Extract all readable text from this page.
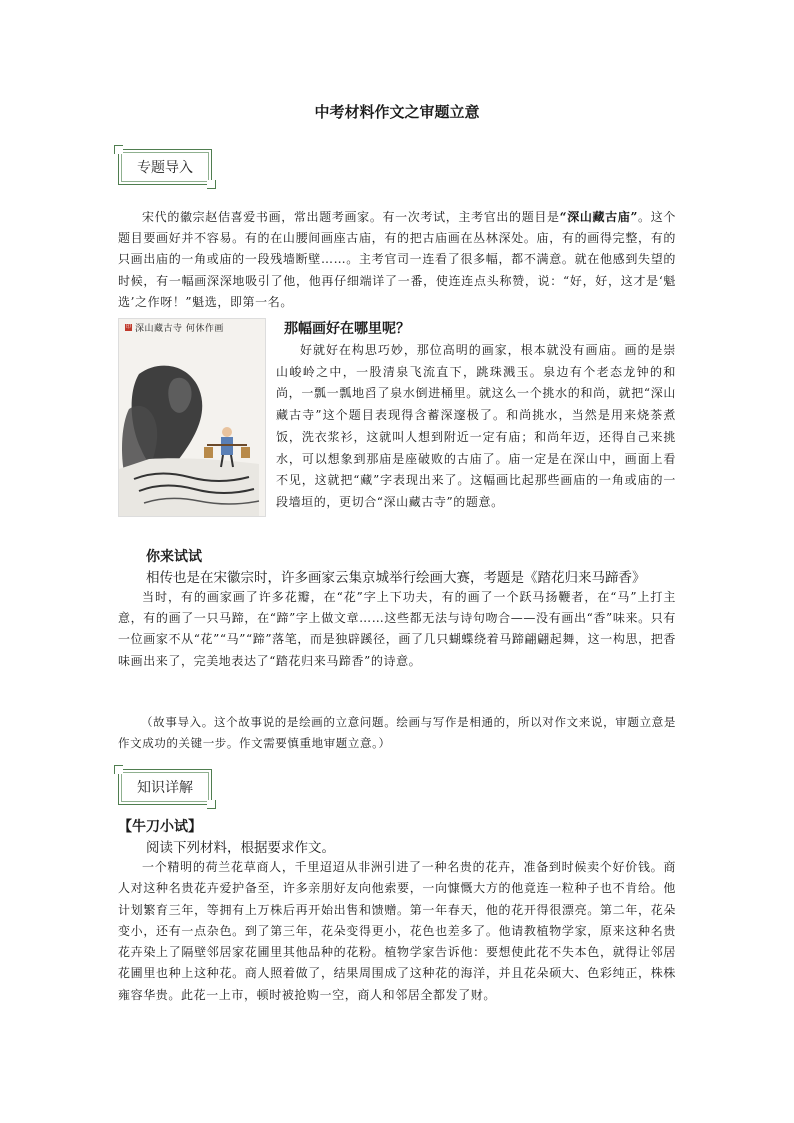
中考材料作文之审题立意
专题导入

宋代的徽宗赵佶喜爱书画，常出题考画家。有一次考试，主考官出的题目是“深山藏古庙”。这个题目要画好并不容易。有的在山腰间画座古庙，有的把古庙画在丛林深处。庙，有的画得完整，有的只画出庙的一角或庙的一段残墙断壁……。主考官司一连看了很多幅，都不满意。就在他感到失望的时候，有一幅画深深地吸引了他，他再仔细端详了一番，使连连点头称赞，说：“好，好，这才是‘魁选’之作呀！”魁选，即第一名。

深山藏古寺 何休作画
印	那幅画好在哪里呢？

好就好在构思巧妙，那位高明的画家，根本就没有画庙。画的是崇山峻岭之中，一股清泉飞流直下，跳珠溅玉。泉边有个老态龙钟的和尚，一瓢一瓢地舀了泉水倒进桶里。就这么一个挑水的和尚，就把“深山藏古寺”这个题目表现得含蓄深邃极了。和尚挑水，当然是用来烧茶煮饭，洗衣浆衫，这就叫人想到附近一定有庙；和尚年迈，还得自己来挑水，可以想象到那庙是座破败的古庙了。庙一定是在深山中，画面上看不见，这就把“藏”字表现出来了。这幅画比起那些画庙的一角或庙的一段墙垣的，更切合“深山藏古寺”的题意。

你来试试

相传也是在宋徽宗时，许多画家云集京城举行绘画大赛，考题是《踏花归来马蹄香》

当时，有的画家画了许多花瓣，在“花”字上下功夫，有的画了一个跃马扬鞭者，在“马”上打主意，有的画了一只马蹄，在“蹄”字上做文章……这些都无法与诗句吻合——没有画出“香”味来。只有一位画家不从“花”“马”“蹄”落笔，而是独辟蹊径，画了几只蝴蝶绕着马蹄翩翩起舞，这一构思，把香味画出来了，完美地表达了“踏花归来马蹄香”的诗意。

（故事导入。这个故事说的是绘画的立意问题。绘画与写作是相通的，所以对作文来说，审题立意是作文成功的关键一步。作文需要慎重地审题立意。）

知识详解

【牛刀小试】

阅读下列材料，根据要求作文。

一个精明的荷兰花草商人，千里迢迢从非洲引进了一种名贵的花卉，准备到时候卖个好价钱。商人对这种名贵花卉爱护备至，许多亲朋好友向他索要，一向慷慨大方的他竟连一粒种子也不肯给。他计划繁育三年，等拥有上万株后再开始出售和馈赠。第一年春天，他的花开得很漂亮。第二年，花朵变小，还有一点杂色。到了第三年，花朵变得更小，花色也差多了。他请教植物学家，原来这种名贵花卉染上了隔壁邻居家花圃里其他品种的花粉。植物学家告诉他：要想使此花不失本色，就得让邻居花圃里也种上这种花。商人照着做了，结果周围成了这种花的海洋，并且花朵硕大、色彩纯正，株株雍容华贵。此花一上市，顿时被抢购一空，商人和邻居全都发了财。
